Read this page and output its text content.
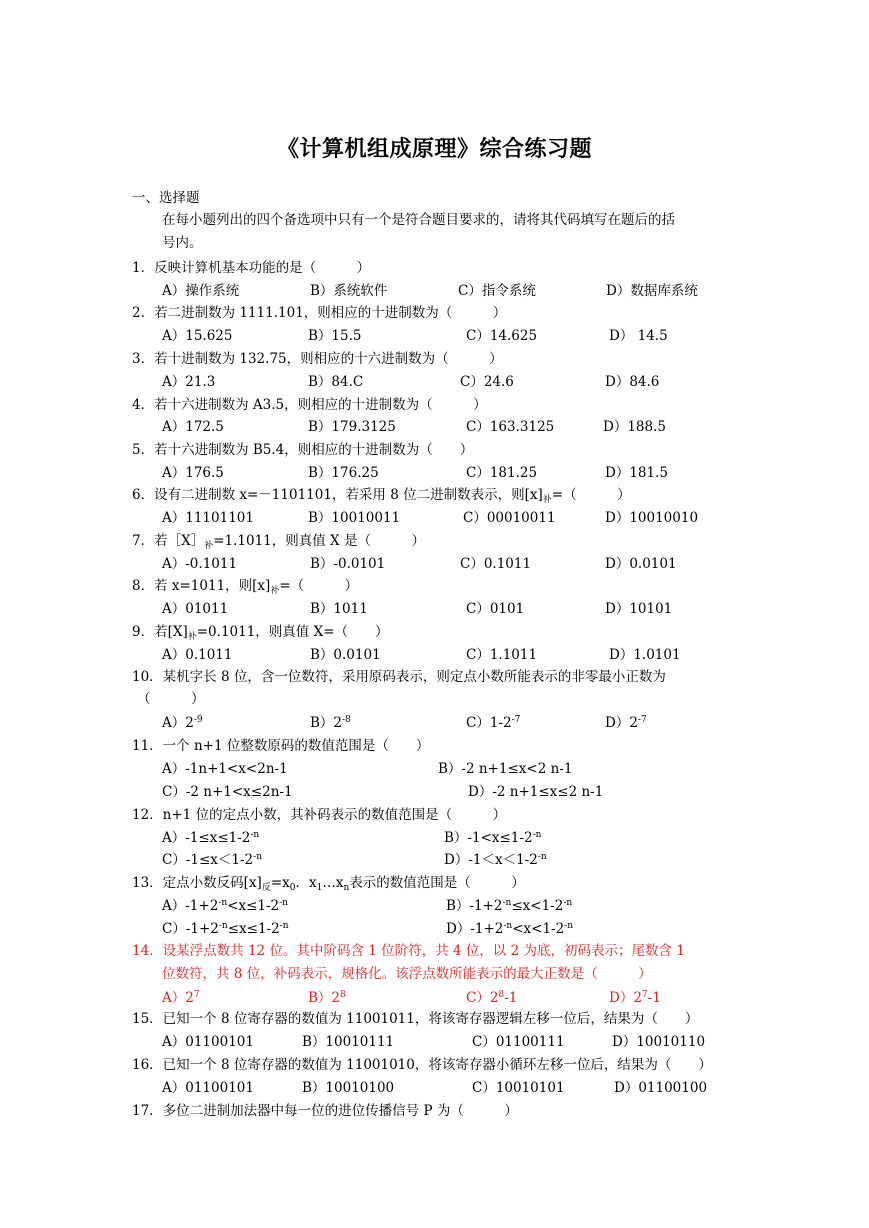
《计算机组成原理》综合练习题
一、选择题
在每小题列出的四个备选项中只有一个是符合题目要求的，请将其代码填写在题后的括
号内。
1．反映计算机基本功能的是（　　　）
A）操作系统	B）系统软件	C）指令系统	D）数据库系统
2．若二进制数为 1111.101，则相应的十进制数为（　　　）
A）15.625	B）15.5	C）14.625	D） 14.5
3．若十进制数为 132.75，则相应的十六进制数为（　　　）
A）21.3	B）84.C	C）24.6	D）84.6
4．若十六进制数为 A3.5，则相应的十进制数为（　　　）
A）172.5	B）179.3125	C）163.3125	D）188.5
5．若十六进制数为 B5.4，则相应的十进制数为（　　）
A）176.5	B）176.25	C）181.25	D）181.5
6．设有二进制数 x=－1101101，若采用 8 位二进制数表示，则$[x]_补=$（　　　）
A）11101101	B）10010011	C）00010011	D）10010010
7．若$[X]_补=1.1011$，则真值 X 是（　　　）
A）-0.1011	B）-0.0101	C）0.1011	D）0.0101
8．若 x=1011，则$[x]_补=$（　　　）
A）01011	B）1011	C）0101	D）10101
9．若$[X]_补=0.1011$，则真值 X=（　　）
A）0.1011	B）0.0101	C）1.1011	D）1.0101
10．某机字长 8 位，含一位数符，采用原码表示，则定点小数所能表示的非零最小正数为
（　　　）
$A)2^{-9}$	$B)2^{-8}$	$C)1-2^{-7}$	$D)2^{-7}$
11．一个 n+1 位整数原码的数值范围是（　　）
A）-1n+1<x<2n-1	B）-2 n+1≤x<2 n-1
C）-2 n+1<x≤2n-1	D）-2 n+1≤x≤2 n-1
12．n+1 位的定点小数，其补码表示的数值范围是（　　　）
$A)-1\le x\le 1-2^{-n}$	$B)-1<x\le 1-2^{-n}$
$C)-1\le x<1-2^{-n}$	$D)-1<x<1-2^{-n}$
13．定点小数反码$[x]_反=x_0$．$x_1\dots x_n$表示的数值范围是（　　　）
$A)-1+2^{-n}<x\le 1-2^{-n}$	$B)-1+2^{-n}\le x<1-2^{-n}$
$C)-1+2^{-n}\le x\le 1-2^{-n}$	$D)-1+2^{-n}<x<1-2^{-n}$
14．设某浮点数共 12 位。其中阶码含 1 位阶符，共 4 位，以 2 为底，初码表示；尾数含 1
位数符，共 8 位，补码表示，规格化。该浮点数所能表示的最大正数是（　　　）
$A)2^7$	$B)2^8$	$C)2^8-1$	$D)2^7-1$
15．已知一个 8 位寄存器的数值为 11001011，将该寄存器逻辑左移一位后，结果为（　　）
A）01100101	B）10010111	C）01100111	D）10010110
16．已知一个 8 位寄存器的数值为 11001010，将该寄存器小循环左移一位后，结果为（　　）
A）01100101	B）10010100	C）10010101	D）01100100
17．多位二进制加法器中每一位的进位传播信号 P 为（　　　）
